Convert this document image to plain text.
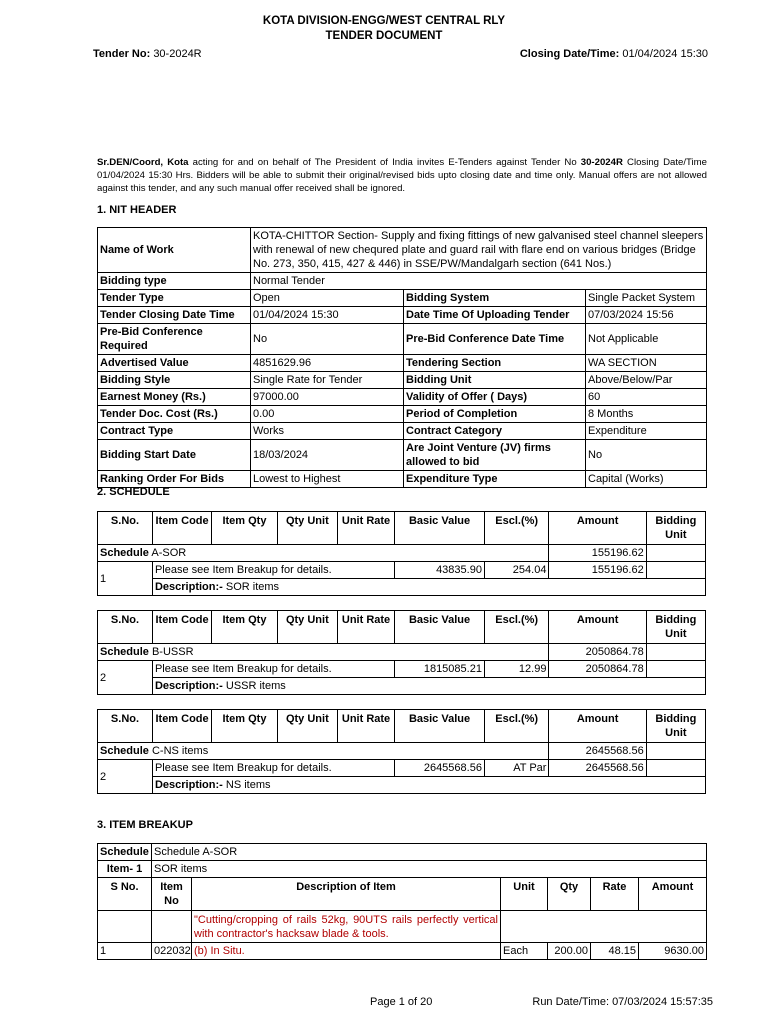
KOTA DIVISION-ENGG/WEST CENTRAL RLY
TENDER DOCUMENT
Tender No: 30-2024R	Closing Date/Time: 01/04/2024 15:30
Sr.DEN/Coord, Kota acting for and on behalf of The President of India invites E-Tenders against Tender No 30-2024R Closing Date/Time 01/04/2024 15:30 Hrs. Bidders will be able to submit their original/revised bids upto closing date and time only. Manual offers are not allowed against this tender, and any such manual offer received shall be ignored.
1. NIT HEADER
Name of Work	KOTA-CHITTOR Section- Supply and fixing fittings of new galvanised steel channel sleepers with renewal of new chequred plate and guard rail with flare end on various bridges (Bridge No. 273, 350, 415, 427 & 446) in SSE/PW/Mandalgarh section (641 Nos.)		
Bidding type	Normal Tender		
Tender Type	Open	Bidding System	Single Packet System
Tender Closing Date Time	01/04/2024 15:30	Date Time Of Uploading Tender	07/03/2024 15:56
Pre-Bid Conference Required	No	Pre-Bid Conference Date Time	Not Applicable
Advertised Value	4851629.96	Tendering Section	WA SECTION
Bidding Style	Single Rate for Tender	Bidding Unit	Above/Below/Par
Earnest Money (Rs.)	97000.00	Validity of Offer ( Days)	60
Tender Doc. Cost (Rs.)	0.00	Period of Completion	8 Months
Contract Type	Works	Contract Category	Expenditure
Bidding Start Date	18/03/2024	Are Joint Venture (JV) firms allowed to bid	No
Ranking Order For Bids	Lowest to Highest	Expenditure Type	Capital (Works)
2. SCHEDULE
S.No.	Item Code	Item Qty	Qty Unit	Unit Rate	Basic Value	Escl.(%)	Amount	Bidding Unit
Schedule A-SOR							155196.62	
1	Please see Item Breakup for details.				43835.90	254.04	155196.62	
	Description:- SOR items							
S.No.	Item Code	Item Qty	Qty Unit	Unit Rate	Basic Value	Escl.(%)	Amount	Bidding Unit
Schedule B-USSR							2050864.78	
2	Please see Item Breakup for details.				1815085.21	12.99	2050864.78	
	Description:- USSR items							
S.No.	Item Code	Item Qty	Qty Unit	Unit Rate	Basic Value	Escl.(%)	Amount	Bidding Unit
Schedule C-NS items							2645568.56	
2	Please see Item Breakup for details.				2645568.56	AT Par	2645568.56	
	Description:- NS items							
3. ITEM BREAKUP
Schedule	Schedule A-SOR					
Item- 1	SOR items					
S No.	Item No	Description of Item	Unit	Qty	Rate	Amount
		"Cutting/cropping of rails 52kg, 90UTS rails perfectly vertical with contractor's hacksaw blade & tools.				
1	022032	(b) In Situ.	Each	200.00	48.15	9630.00
Page 1 of 20	Run Date/Time: 07/03/2024 15:57:35
